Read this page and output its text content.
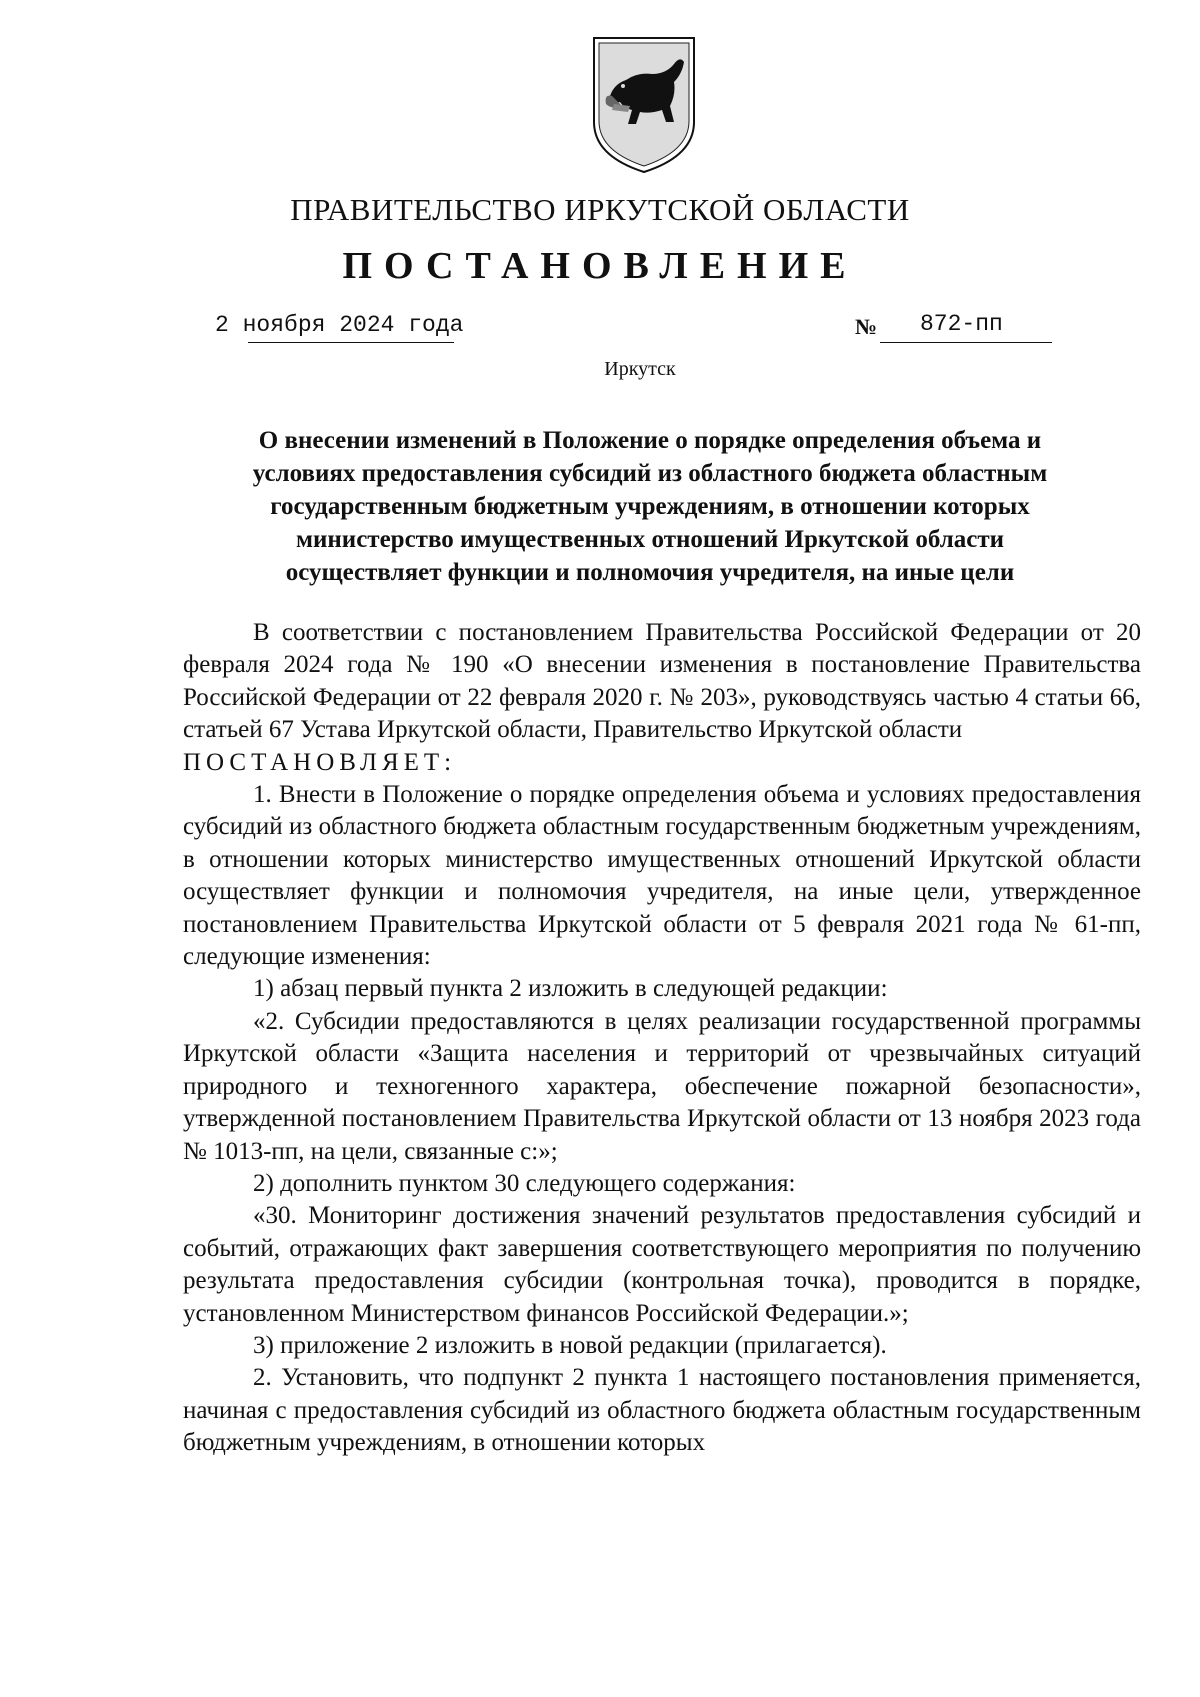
ПРАВИТЕЛЬСТВО ИРКУТСКОЙ ОБЛАСТИ
ПОСТАНОВЛЕНИЕ
2 ноября 2024 года	№ 872-пп
Иркутск
О внесении изменений в Положение о порядке определения объема и
условиях предоставления субсидий из областного бюджета областным
государственным бюджетным учреждениям, в отношении которых
министерство имущественных отношений Иркутской области
осуществляет функции и полномочия учредителя, на иные цели

В соответствии с постановлением Правительства Российской Федерации от 20 февраля 2024 года № 190 «О внесении изменения в постановление Правительства Российской Федерации от 22 февраля 2020 г. № 203», руководствуясь частью 4 статьи 66, статьей 67 Устава Иркутской области, Правительство Иркутской области

ПОСТАНОВЛЯЕТ:

1. Внести в Положение о порядке определения объема и условиях предоставления субсидий из областного бюджета областным государственным бюджетным учреждениям, в отношении которых министерство имущественных отношений Иркутской области осуществляет функции и полномочия учредителя, на иные цели, утвержденное постановлением Правительства Иркутской области от 5 февраля 2021 года № 61-пп, следующие изменения:

1) абзац первый пункта 2 изложить в следующей редакции:

«2. Субсидии предоставляются в целях реализации государственной программы Иркутской области «Защита населения и территорий от чрезвычайных ситуаций природного и техногенного характера, обеспечение пожарной безопасности», утвержденной постановлением Правительства Иркутской области от 13 ноября 2023 года № 1013-пп, на цели, связанные с:»;

2) дополнить пунктом 30 следующего содержания:

«30. Мониторинг достижения значений результатов предоставления субсидий и событий, отражающих факт завершения соответствующего мероприятия по получению результата предоставления субсидии (контрольная точка), проводится в порядке, установленном Министерством финансов Российской Федерации.»;

3) приложение 2 изложить в новой редакции (прилагается).

2. Установить, что подпункт 2 пункта 1 настоящего постановления применяется, начиная с предоставления субсидий из областного бюджета областным государственным бюджетным учреждениям, в отношении которых
